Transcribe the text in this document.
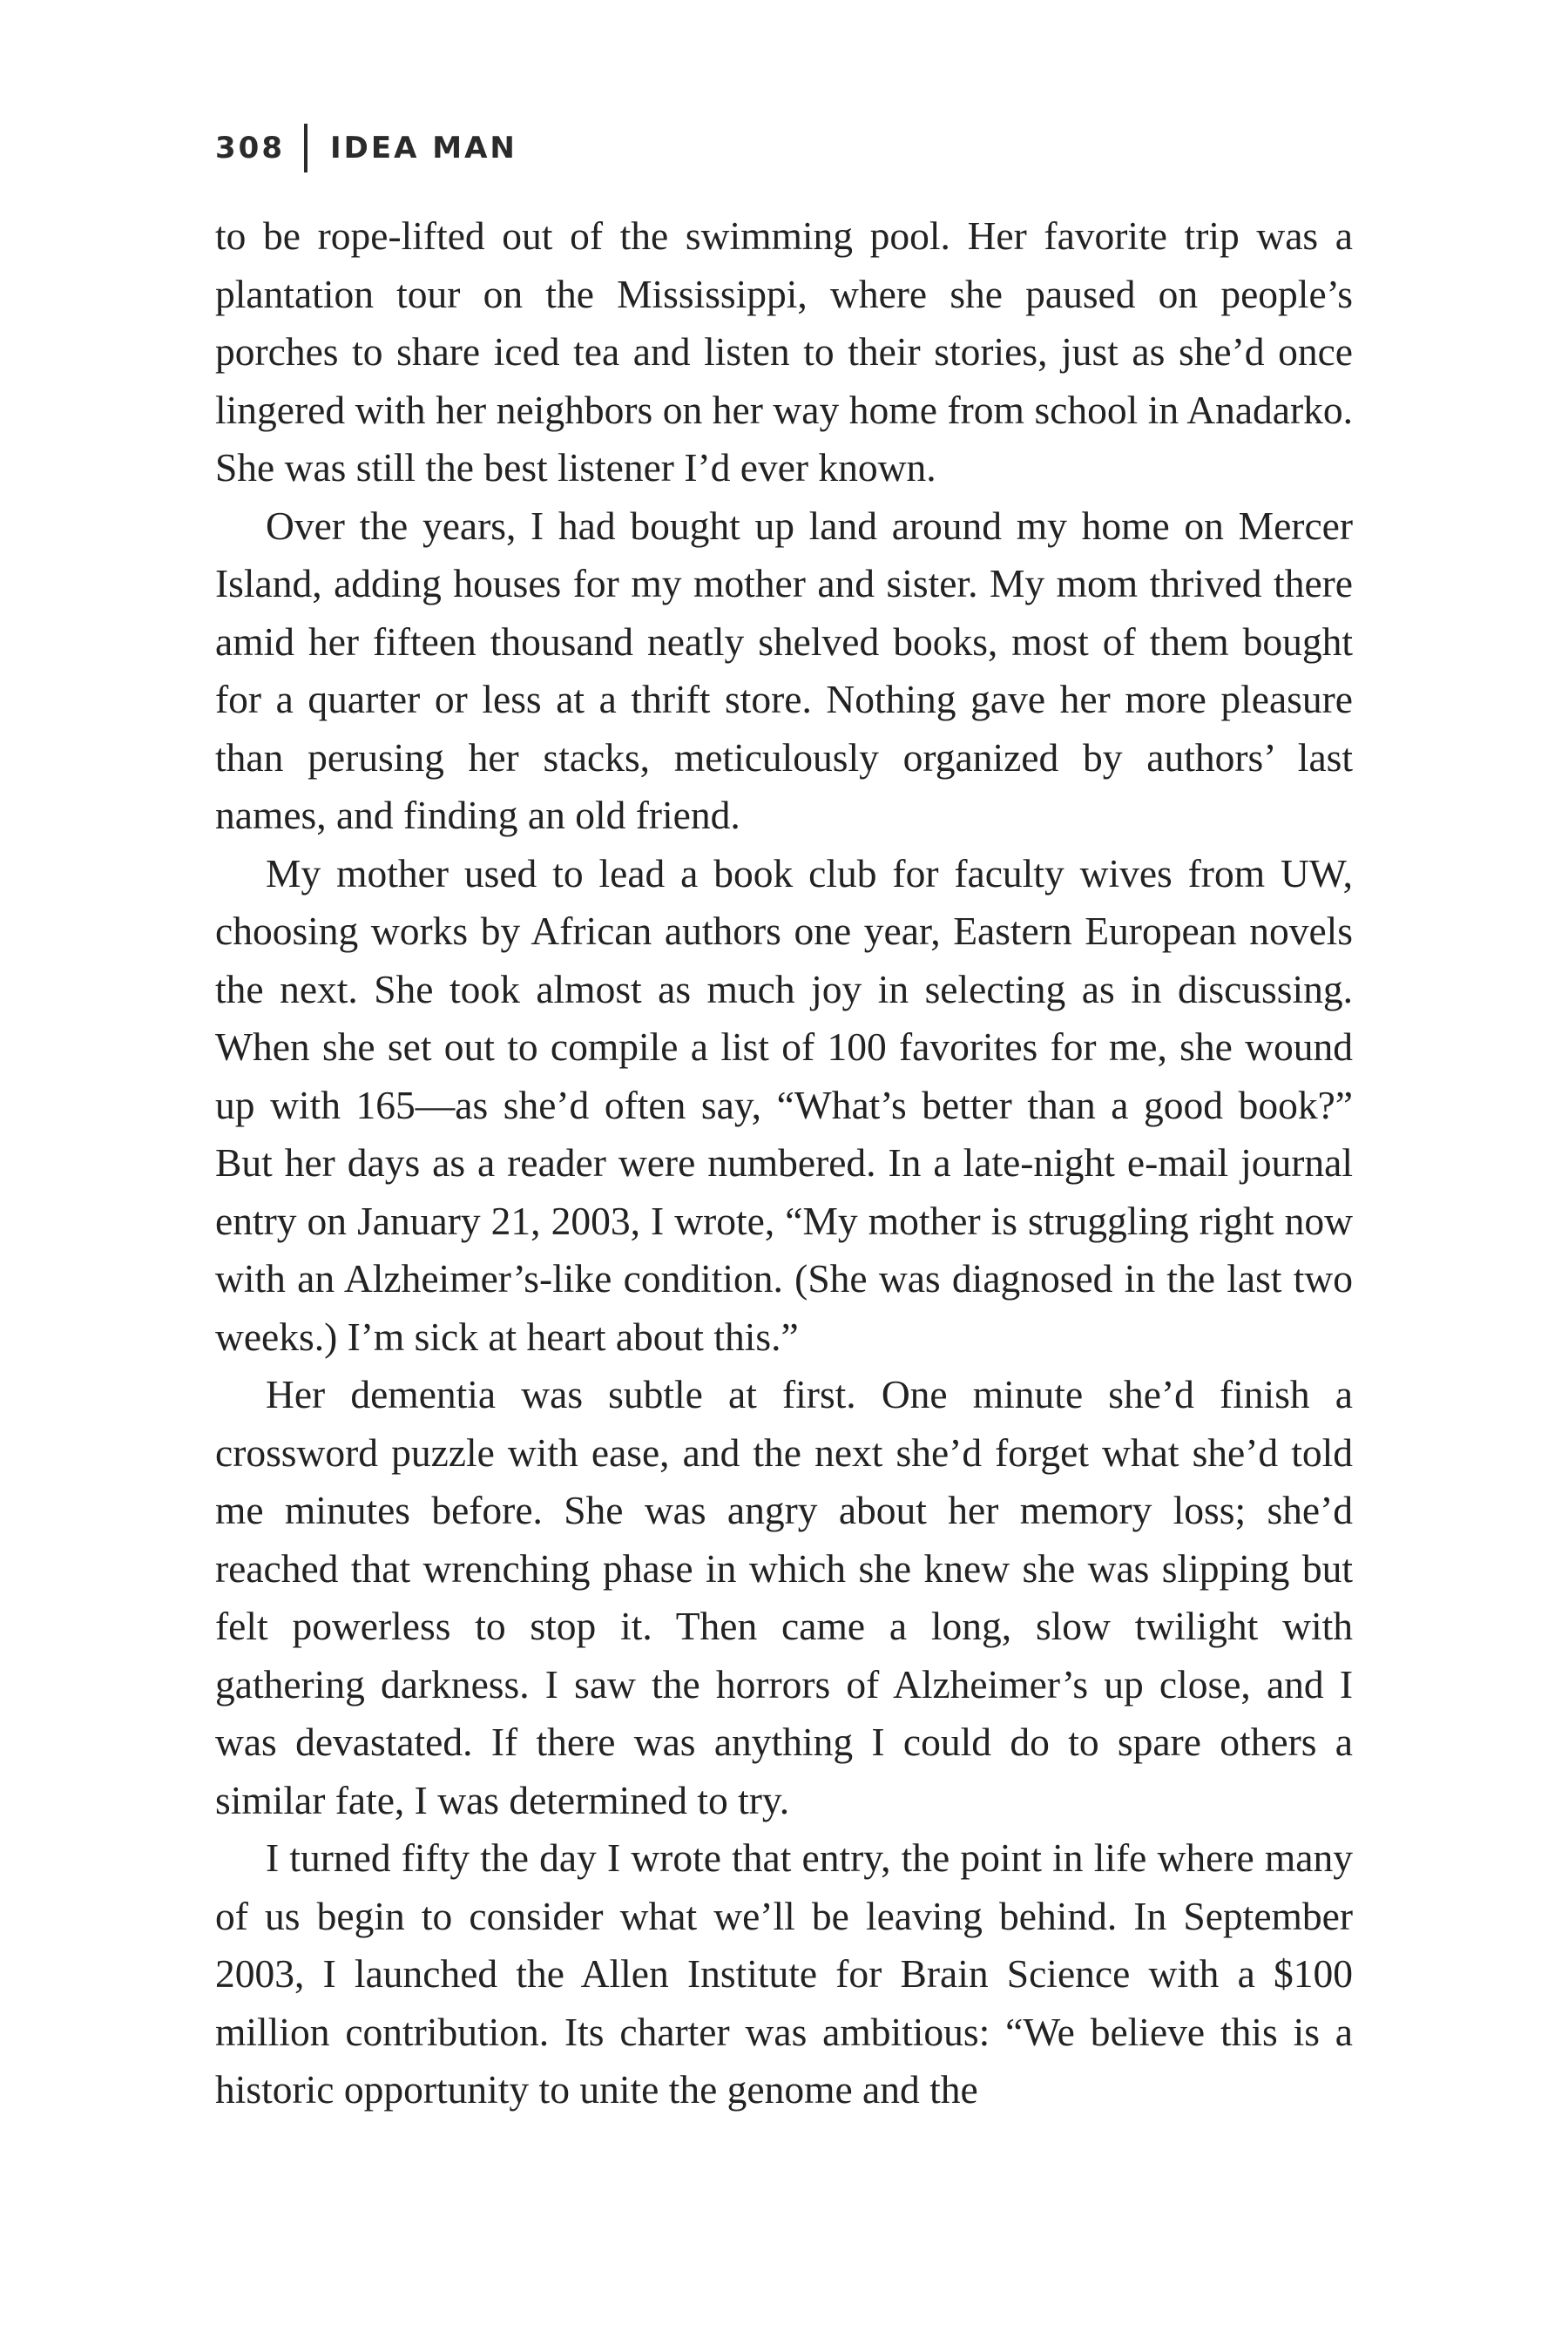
308 IDEA MAN

to be rope-lifted out of the swimming pool. Her favorite trip was a plantation tour on the Mississippi, where she paused on people’s porches to share iced tea and listen to their stories, just as she’d once lingered with her neighbors on her way home from school in Anadarko. She was still the best listener I’d ever known.

Over the years, I had bought up land around my home on Mercer Island, adding houses for my mother and sister. My mom thrived there amid her fifteen thousand neatly shelved books, most of them bought for a quarter or less at a thrift store. Nothing gave her more pleasure than perusing her stacks, meticulously organized by authors’ last names, and finding an old friend.

My mother used to lead a book club for faculty wives from UW, choosing works by African authors one year, Eastern European novels the next. She took almost as much joy in selecting as in discussing. When she set out to compile a list of 100 favorites for me, she wound up with 165—as she’d often say, “What’s better than a good book?” But her days as a reader were numbered. In a late-night e-mail journal entry on January 21, 2003, I wrote, “My mother is struggling right now with an Alzheimer’s-like condition. (She was diagnosed in the last two weeks.) I’m sick at heart about this.”

Her dementia was subtle at first. One minute she’d finish a crossword puzzle with ease, and the next she’d forget what she’d told me minutes before. She was angry about her memory loss; she’d reached that wrenching phase in which she knew she was slipping but felt powerless to stop it. Then came a long, slow twilight with gathering darkness. I saw the horrors of Alzheimer’s up close, and I was devastated. If there was anything I could do to spare others a similar fate, I was determined to try.

I turned fifty the day I wrote that entry, the point in life where many of us begin to consider what we’ll be leaving behind. In September 2003, I launched the Allen Institute for Brain Science with a $100 million contribution. Its charter was ambitious: “We believe this is a historic opportunity to unite the genome and the
